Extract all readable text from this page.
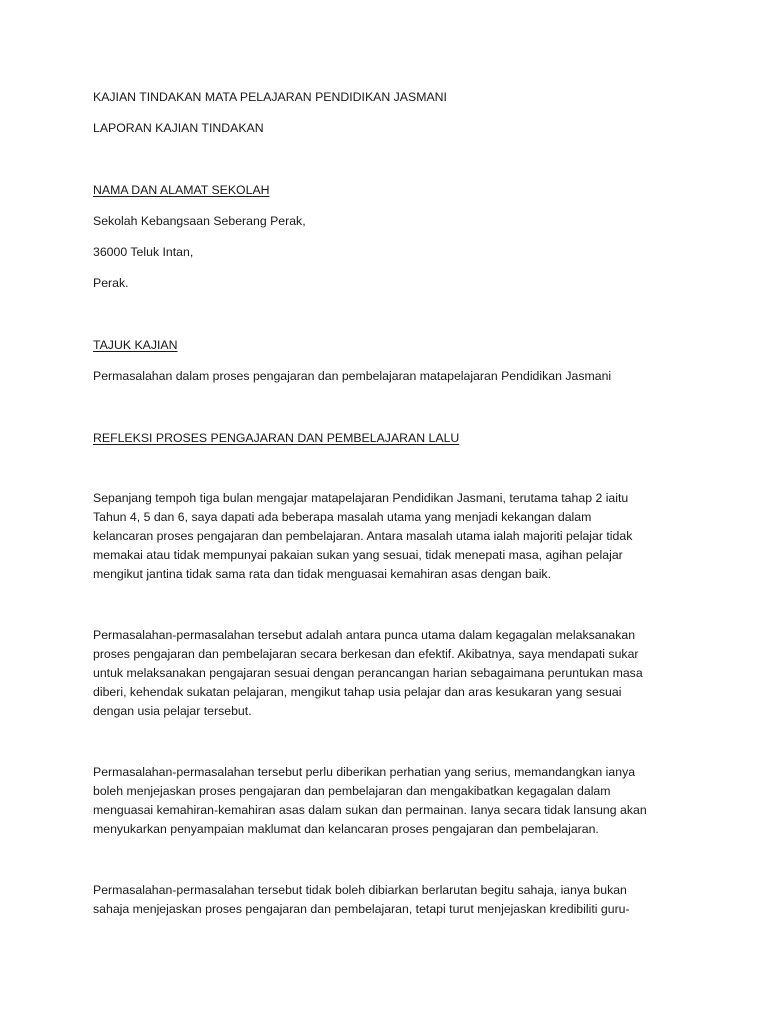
KAJIAN TINDAKAN MATA PELAJARAN PENDIDIKAN JASMANI
LAPORAN KAJIAN TINDAKAN
NAMA DAN ALAMAT SEKOLAH
Sekolah Kebangsaan Seberang Perak,
36000 Teluk Intan,
Perak.
TAJUK KAJIAN
Permasalahan dalam proses pengajaran dan pembelajaran matapelajaran Pendidikan Jasmani
REFLEKSI PROSES PENGAJARAN DAN PEMBELAJARAN LALU
Sepanjang tempoh tiga bulan mengajar matapelajaran Pendidikan Jasmani, terutama tahap 2 iaitu
Tahun 4, 5 dan 6, saya dapati ada beberapa masalah utama yang menjadi kekangan dalam
kelancaran proses pengajaran dan pembelajaran. Antara masalah utama ialah majoriti pelajar tidak
memakai atau tidak mempunyai pakaian sukan yang sesuai, tidak menepati masa, agihan pelajar
mengikut jantina tidak sama rata dan tidak menguasai kemahiran asas dengan baik.
Permasalahan-permasalahan tersebut adalah antara punca utama dalam kegagalan melaksanakan
proses pengajaran dan pembelajaran secara berkesan dan efektif. Akibatnya, saya mendapati sukar
untuk melaksanakan pengajaran sesuai dengan perancangan harian sebagaimana peruntukan masa
diberi, kehendak sukatan pelajaran, mengikut tahap usia pelajar dan aras kesukaran yang sesuai
dengan usia pelajar tersebut.
Permasalahan-permasalahan tersebut perlu diberikan perhatian yang serius, memandangkan ianya
boleh menjejaskan proses pengajaran dan pembelajaran dan mengakibatkan kegagalan dalam
menguasai kemahiran-kemahiran asas dalam sukan dan permainan. Ianya secara tidak lansung akan
menyukarkan penyampaian maklumat dan kelancaran proses pengajaran dan pembelajaran.
Permasalahan-permasalahan tersebut tidak boleh dibiarkan berlarutan begitu sahaja, ianya bukan
sahaja menjejaskan proses pengajaran dan pembelajaran, tetapi turut menjejaskan kredibiliti guru-
